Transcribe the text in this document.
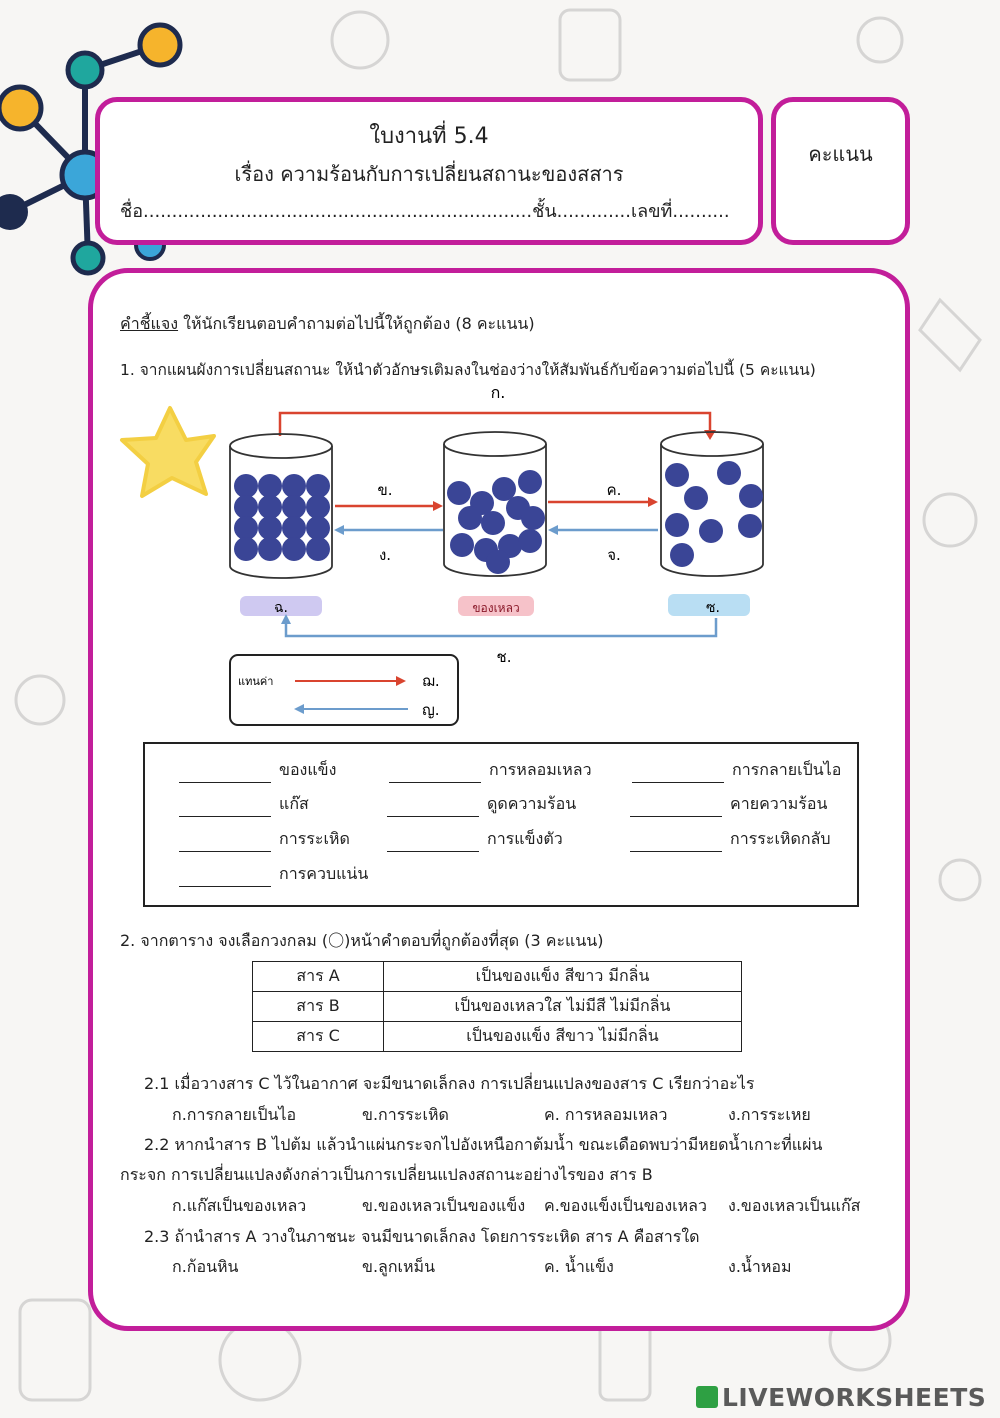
ใบงานที่ 5.4
เรื่อง ความร้อนกับการเปลี่ยนสถานะของสสาร
ชื่อ....................................................................ชั้น.............เลขที่..........
คะแนน
คำชี้แจง ให้นักเรียนตอบคำถามต่อไปนี้ให้ถูกต้อง (8 คะแนน)
1. จากแผนผังการเปลี่ยนสถานะ ให้นำตัวอักษรเติมลงในช่องว่างให้สัมพันธ์กับข้อความต่อไปนี้ (5 คะแนน)
ก.
ข.
ง.
ค.
จ.
ฉ.	ของเหลว	ซ.
ช.
แทนค่า	ฌ.
ญ.
ของแข็ง	การหลอมเหลว	การกลายเป็นไอ
แก๊ส	ดูดความร้อน	คายความร้อน
การระเหิด	การแข็งตัว	การระเหิดกลับ
การควบแน่น
2. จากตาราง จงเลือกวงกลม (〇)หน้าคำตอบที่ถูกต้องที่สุด (3 คะแนน)
สาร A	เป็นของแข็ง สีขาว มีกลิ่น
สาร B	เป็นของเหลวใส ไม่มีสี ไม่มีกลิ่น
สาร C	เป็นของแข็ง สีขาว ไม่มีกลิ่น
2.1 เมื่อวางสาร C ไว้ในอากาศ จะมีขนาดเล็กลง การเปลี่ยนแปลงของสาร C เรียกว่าอะไร
ก.การกลายเป็นไอ	ข.การระเหิด	ค. การหลอมเหลว	ง.การระเหย
2.2 หากนำสาร B ไปต้ม แล้วนำแผ่นกระจกไปอังเหนือกาต้มน้ำ ขณะเดือดพบว่ามีหยดน้ำเกาะที่แผ่น
กระจก การเปลี่ยนแปลงดังกล่าวเป็นการเปลี่ยนแปลงสถานะอย่างไรของ สาร B
ก.แก๊สเป็นของเหลว	ข.ของเหลวเป็นของแข็ง ค.ของแข็งเป็นของเหลว ง.ของเหลวเป็นแก๊ส
2.3 ถ้านำสาร A วางในภาชนะ จนมีขนาดเล็กลง โดยการระเหิด สาร A คือสารใด
ก.ก้อนหิน	ข.ลูกเหม็น	ค. น้ำแข็ง	ง.น้ำหอม
LIVEWORKSHEETS
